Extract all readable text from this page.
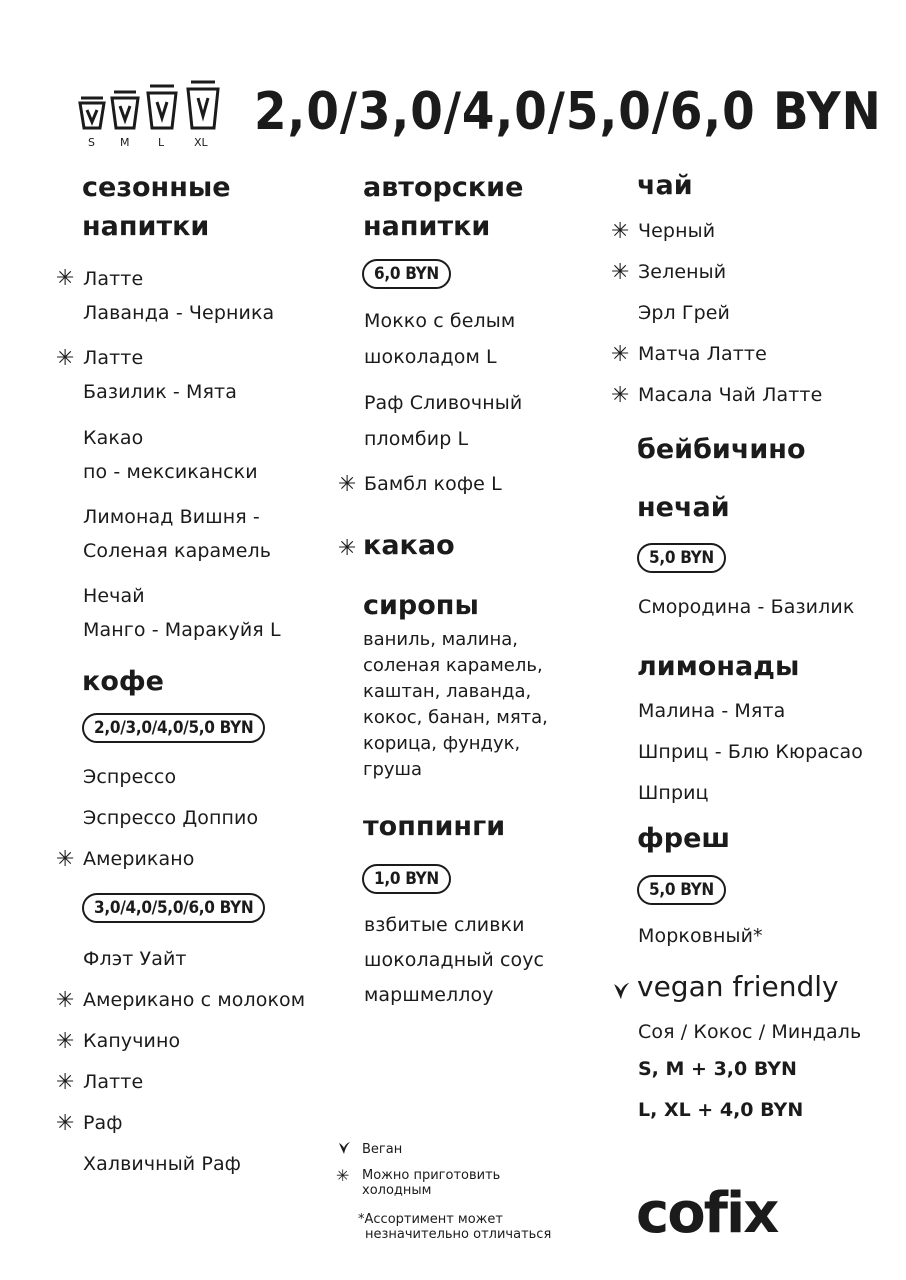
S M	L	XL
2,0/3,0/4,0/5,0/6,0 BYN
сезонные
напитки
✳ Латте
Лаванда - Черника
✳ Латте
Базилик - Мята
Какао
по - мексикански
Лимонад Вишня -
Соленая карамель
Нечай
Манго - Маракуйя L
кофе
2,0/3,0/4,0/5,0 BYN
Эспрессо
Эспрессо Доппио
✳ Американо
3,0/4,0/5,0/6,0 BYN
Флэт Уайт
✳ Американо с молоком
✳ Капучино
✳ Латте
✳ Раф
Халвичный Раф
авторские
напитки
6,0 BYN
Мокко с белым
шоколадом L
Раф Сливочный
пломбир L
✳ Бамбл кофе L
✳ какао
сиропы
ваниль, малина,
соленая карамель,
каштан, лаванда,
кокос, банан, мята,
корица, фундук,
груша
топпинги
1,0 BYN
взбитые сливки
шоколадный соус
маршмеллоу
Веган
✳ Можно приготовить
холодным
*Ассортимент может
незначительно отличаться
чай
✳ Черный
✳ Зеленый
Эрл Грей
✳ Матча Латте
✳ Масала Чай Латте
бейбичино
нечай
5,0 BYN
Смородина - Базилик
лимонады
Малина - Мята
Шприц - Блю Кюрасао
Шприц
фреш
5,0 BYN
Морковный*
vegan friendly
Соя / Кокос / Миндаль
S, M + 3,0 BYN
L, XL + 4,0 BYN
cofix
